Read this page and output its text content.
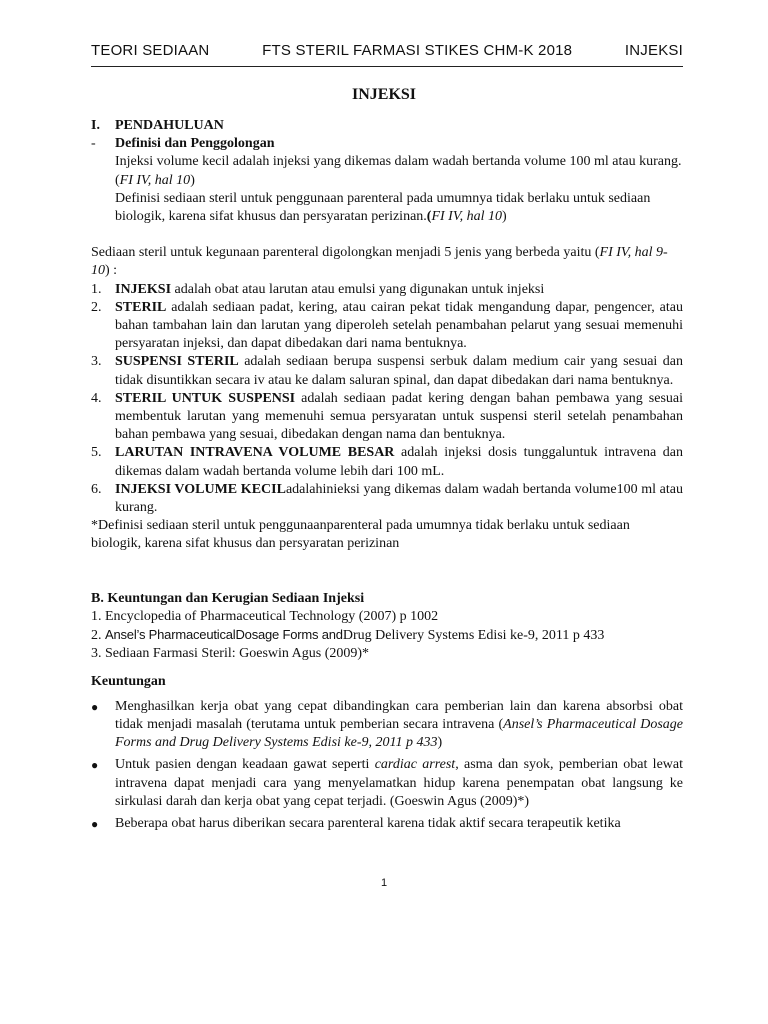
TEORI SEDIAAN	FTS STERIL FARMASI STIKES CHM-K 2018	INJEKSI
INJEKSI
I.	PENDAHULUAN
-	Definisi dan Penggolongan

Injeksi volume kecil adalah injeksi yang dikemas dalam wadah bertanda volume 100 ml atau kurang.(FI IV, hal 10)

Definisi sediaan steril untuk penggunaan parenteral pada umumnya tidak berlaku untuk sediaan biologik, karena sifat khusus dan persyaratan perizinan.(FI IV, hal 10)

Sediaan steril untuk kegunaan parenteral digolongkan menjadi 5 jenis yang berbeda yaitu (FI IV, hal 9-10) :

1. INJEKSI adalah obat atau larutan atau emulsi yang digunakan untuk injeksi
2. STERIL adalah sediaan padat, kering, atau cairan pekat tidak mengandung dapar, pengencer, atau bahan tambahan lain dan larutan yang diperoleh setelah penambahan pelarut yang sesuai memenuhi persyaratan injeksi, dan dapat dibedakan dari nama bentuknya.
3. SUSPENSI STERIL adalah sediaan berupa suspensi serbuk dalam medium cair yang sesuai dan tidak disuntikkan secara iv atau ke dalam saluran spinal, dan dapat dibedakan dari nama bentuknya.
4. STERIL UNTUK SUSPENSI adalah sediaan padat kering dengan bahan pembawa yang sesuai membentuk larutan yang memenuhi semua persyaratan untuk suspensi steril setelah penambahan bahan pembawa yang sesuai, dibedakan dengan nama dan bentuknya.
5. LARUTAN INTRAVENA VOLUME BESAR adalah injeksi dosis tunggaluntuk intravena dan dikemas dalam wadah bertanda volume lebih dari 100 mL.
6. INJEKSI VOLUME KECILadalahinieksi yang dikemas dalam wadah bertanda volume100 ml atau kurang.

*Definisi sediaan steril untuk penggunaanparenteral pada umumnya tidak berlaku untuk sediaan biologik, karena sifat khusus dan persyaratan perizinan

B. Keuntungan dan Kerugian Sediaan Injeksi

1. Encyclopedia of Pharmaceutical Technology (2007) p 1002

2. Ansel’s PharmaceuticalDosage Forms andDrug Delivery Systems Edisi ke-9, 2011 p 433

3. Sediaan Farmasi Steril: Goeswin Agus (2009)*

Keuntungan

●	Menghasilkan kerja obat yang cepat dibandingkan cara pemberian lain dan karena absorbsi obat tidak menjadi masalah (terutama untuk pemberian secara intravena (Ansel’s Pharmaceutical Dosage Forms and Drug Delivery Systems Edisi ke-9, 2011 p 433)
●	Untuk pasien dengan keadaan gawat seperti cardiac arrest, asma dan syok, pemberian obat lewat intravena dapat menjadi cara yang menyelamatkan hidup karena penempatan obat langsung ke sirkulasi darah dan kerja obat yang cepat terjadi. (Goeswin Agus (2009)*)
●	Beberapa obat harus diberikan secara parenteral karena tidak aktif secara terapeutik ketika
1
